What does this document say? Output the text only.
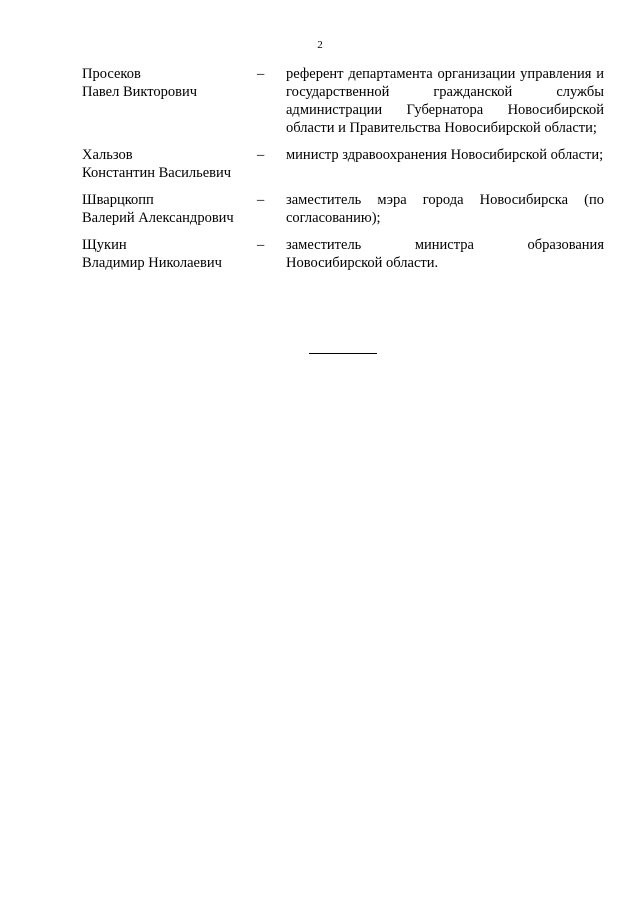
2
Просеков
Павел Викторович
–	референт департамента организации управления и государственной гражданской службы администрации Губернатора Новосибирской области и Правительства Новосибирской области;
Хальзов
Константин Васильевич
–	министр здравоохранения Новосибирской области;
Шварцкопп
Валерий Александрович
–	заместитель мэра города Новосибирска (по согласованию);
Щукин
Владимир Николаевич
–	заместитель министра образования Новосибирской области.
